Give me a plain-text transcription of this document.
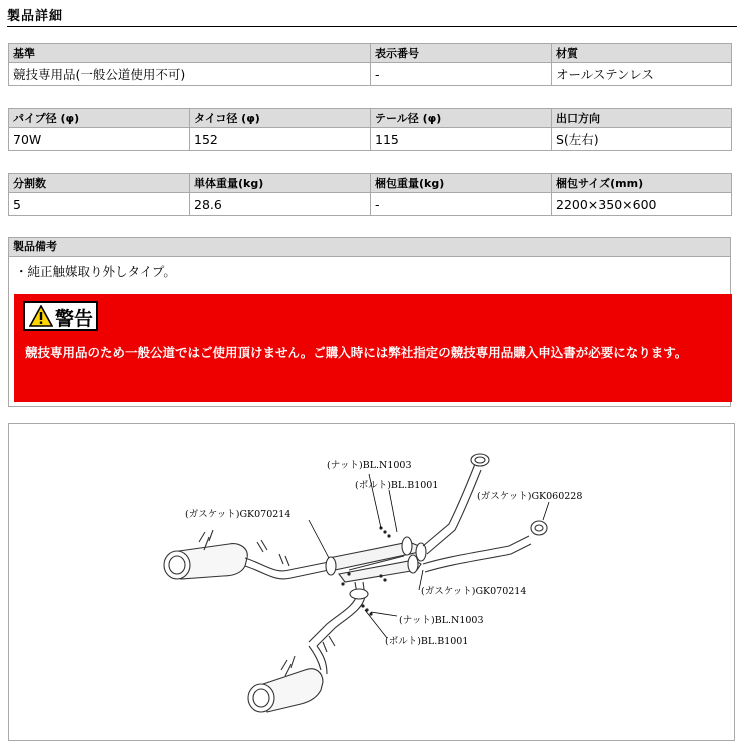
製品詳細
基準	表示番号	材質
競技専用品(一般公道使用不可)	-	オールステンレス
パイプ径 (φ)	タイコ径 (φ)	テール径 (φ)	出口方向
70W	152	115	S(左右)
分割数	単体重量(kg)	梱包重量(kg)	梱包サイズ(mm)
5	28.6	-	2200×350×600
製品備考
・純正触媒取り外しタイプ。
警告
競技専用品のため一般公道ではご使用頂けません。ご購入時には弊社指定の競技専用品購入申込書が必要になります。
(ナット)BL.N1003
(ボルト)BL.B1001
(ガスケット)GK060228
(ガスケット)GK070214
(ガスケット)GK070214
(ナット)BL.N1003
(ボルト)BL.B1001
